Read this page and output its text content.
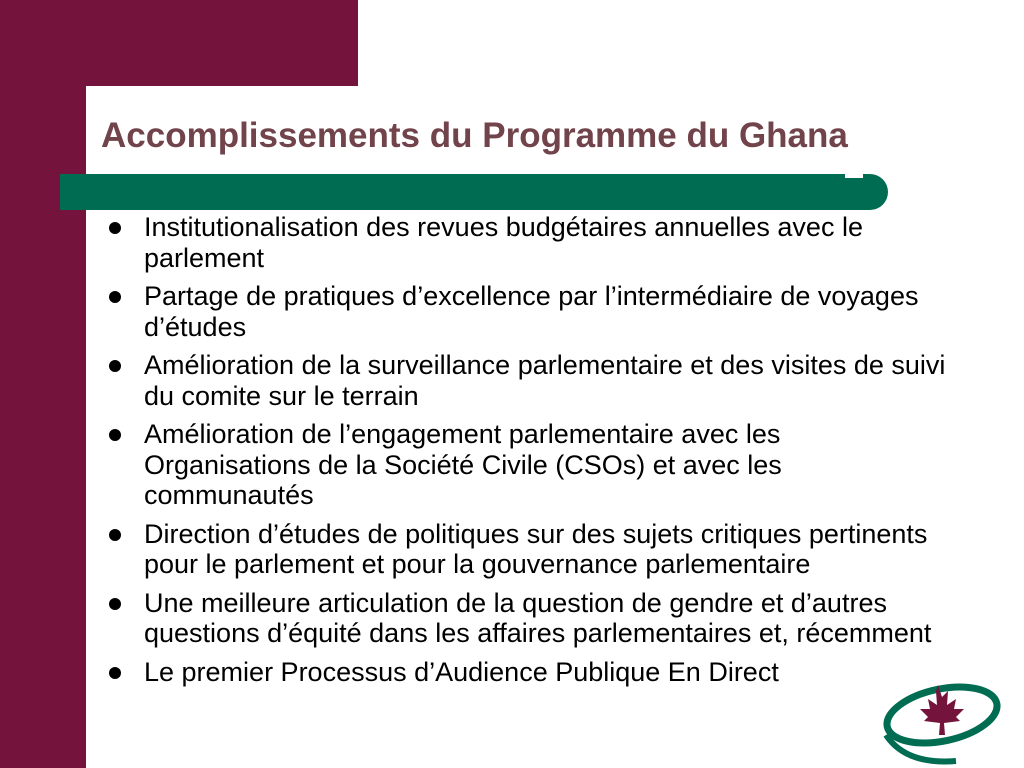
Accomplissements du Programme du Ghana
Institutionalisation des revues budgétaires annuelles avec le parlement
Partage de pratiques d’excellence par l’intermédiaire de voyages d’études
Amélioration de la surveillance parlementaire et des visites de suivi du comite sur le terrain
Amélioration de l’engagement parlementaire avec les Organisations de la Société Civile (CSOs) et avec les communautés
Direction d’études de politiques sur des sujets critiques pertinents pour le parlement et pour la gouvernance parlementaire
Une meilleure articulation de la question de gendre et d’autres questions d’équité dans les affaires parlementaires et, récemment
Le premier Processus d’Audience Publique En Direct
